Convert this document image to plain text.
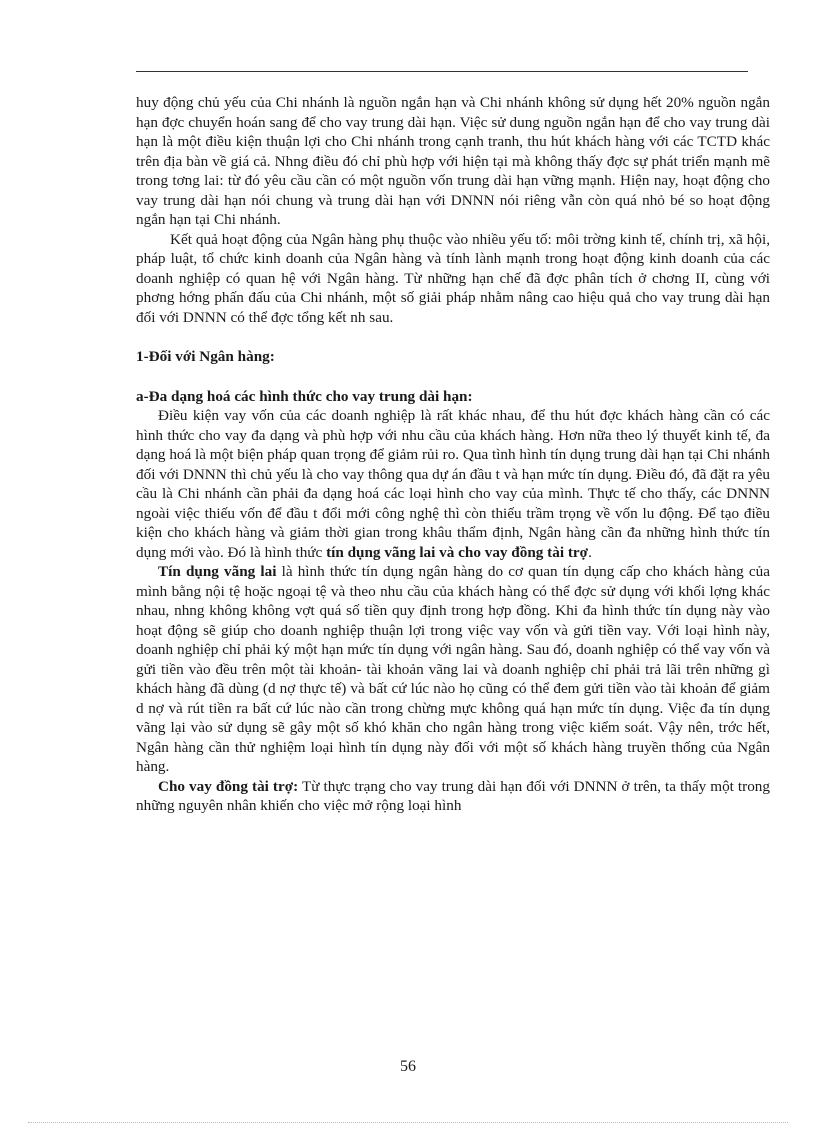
huy động chủ yếu của Chi nhánh là nguồn ngắn hạn và Chi nhánh không sử dụng hết 20% nguồn ngắn hạn đợc chuyển hoán sang để cho vay trung dài hạn. Việc sử dung nguồn ngắn hạn để cho vay trung dài hạn là một điều kiện thuận lợi cho Chi nhánh trong cạnh tranh, thu hút khách hàng với các TCTD khác trên địa bàn về giá cả. Nhng điều đó chỉ phù hợp với hiện tại mà không thấy đợc sự phát triển mạnh mẽ trong tơng lai: từ đó yêu cầu cần có một nguồn vốn trung dài hạn vững mạnh. Hiện nay, hoạt động cho vay trung dài hạn nói chung và trung dài hạn với DNNN nói riêng vẫn còn quá nhỏ bé so hoạt động ngắn hạn tại Chi nhánh.

Kết quả hoạt động của Ngân hàng phụ thuộc vào nhiều yếu tố: môi trờng kinh tế, chính trị, xã hội, pháp luật, tổ chức kinh doanh của Ngân hàng và tính lành mạnh trong hoạt động kinh doanh của các doanh nghiệp có quan hệ với Ngân hàng. Từ những hạn chế đã đợc phân tích ở chơng II, cùng với phơng hớng phấn đấu của Chi nhánh, một số giải pháp nhằm nâng cao hiệu quả cho vay trung dài hạn đối với DNNN có thể đợc tổng kết nh sau.

1-Đối với Ngân hàng:

a-Đa dạng hoá các hình thức cho vay trung dài hạn:

Điều kiện vay vốn của các doanh nghiệp là rất khác nhau, để thu hút đợc khách hàng cần có các hình thức cho vay đa dạng và phù hợp với nhu cầu của khách hàng. Hơn nữa theo lý thuyết kinh tế, đa dạng hoá là một biện pháp quan trọng để giảm rủi ro. Qua tình hình tín dụng trung dài hạn tại Chi nhánh đối với DNNN thì chủ yếu là cho vay thông qua dự án đầu t và hạn mức tín dụng. Điều đó, đã đặt ra yêu cầu là Chi nhánh cần phải đa dạng hoá các loại hình cho vay của mình. Thực tế cho thấy, các DNNN ngoài việc thiếu vốn để đầu t đổi mới công nghệ thì còn thiếu trầm trọng về vốn lu động. Để tạo điều kiện cho khách hàng và giảm thời gian trong khâu thẩm định, Ngân hàng cần đa những hình thức tín dụng mới vào. Đó là hình thức tín dụng vãng lai và cho vay đồng tài trợ.

Tín dụng vãng lai là hình thức tín dụng ngân hàng do cơ quan tín dụng cấp cho khách hàng của mình bằng nội tệ hoặc ngoại tệ và theo nhu cầu của khách hàng có thể đợc sử dụng với khối lợng khác nhau, nhng không không vợt quá số tiền quy định trong hợp đồng. Khi đa hình thức tín dụng này vào hoạt động sẽ giúp cho doanh nghiệp thuận lợi trong việc vay vốn và gửi tiền vay. Với loại hình này, doanh nghiệp chỉ phải ký một hạn mức tín dụng với ngân hàng. Sau đó, doanh nghiệp có thể vay vốn và gửi tiền vào đều trên một tài khoản- tài khoản vãng lai và doanh nghiệp chỉ phải trả lãi trên những gì khách hàng đã dùng (d nợ thực tế) và bất cứ lúc nào họ cũng có thể đem gửi tiền vào tài khoản để giảm d nợ và rút tiền ra bất cứ lúc nào cần trong chừng mực không quá hạn mức tín dụng. Việc đa tín dụng vãng lại vào sử dụng sẽ gây một số khó khăn cho ngân hàng trong việc kiểm soát. Vậy nên, trớc hết, Ngân hàng cần thử nghiệm loại hình tín dụng này đối với một số khách hàng truyền thống của Ngân hàng.

Cho vay đồng tài trợ: Từ thực trạng cho vay trung dài hạn đối với DNNN ở trên, ta thấy một trong những nguyên nhân khiến cho việc mở rộng loại hình

56
